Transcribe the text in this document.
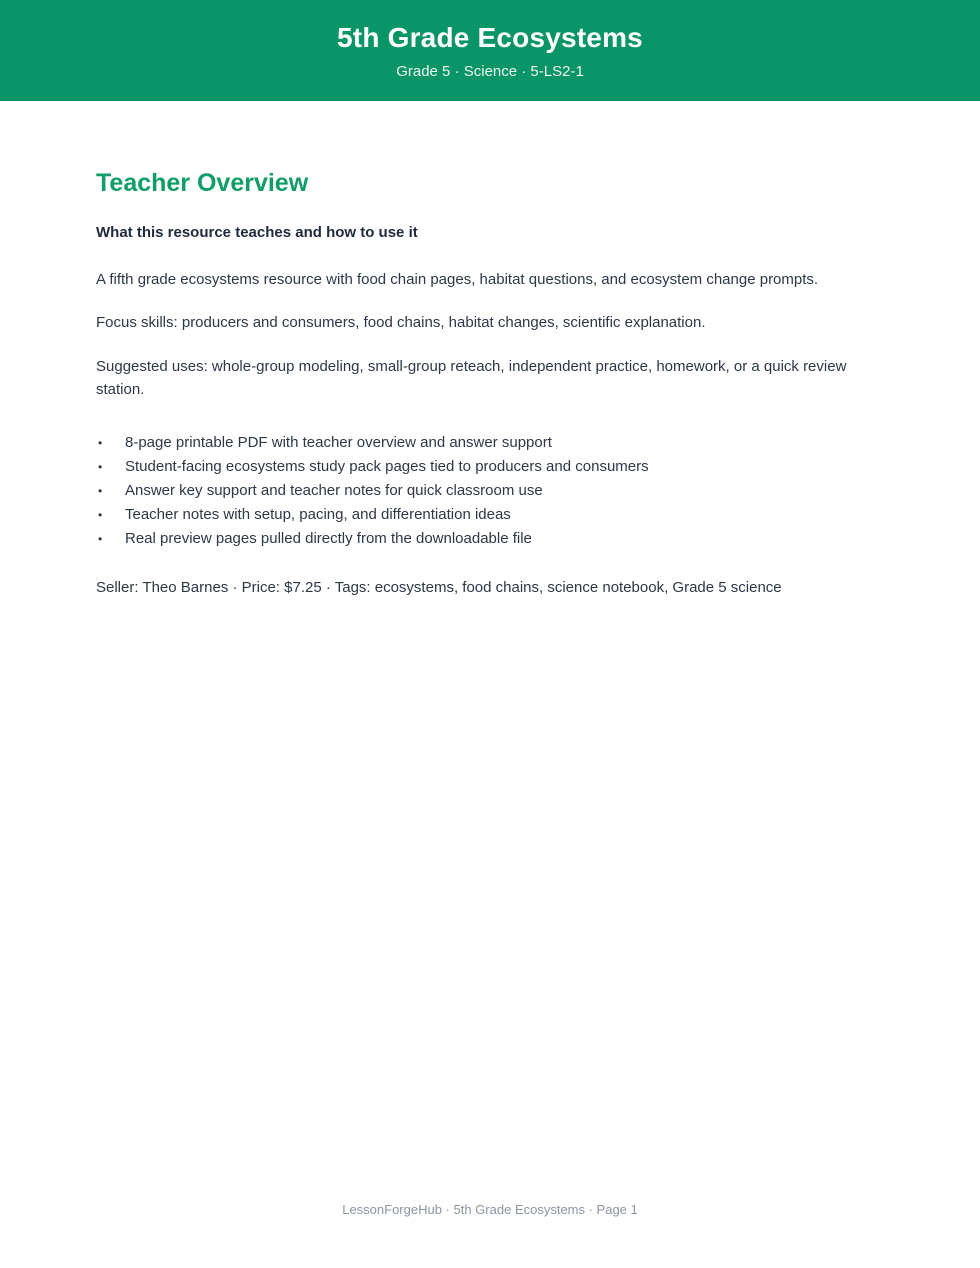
5th Grade Ecosystems
Grade 5 · Science · 5-LS2-1
Teacher Overview
What this resource teaches and how to use it

A fifth grade ecosystems resource with food chain pages, habitat questions, and ecosystem change prompts.

Focus skills: producers and consumers, food chains, habitat changes, scientific explanation.

Suggested uses: whole-group modeling, small-group reteach, independent practice, homework, or a quick review station.

• 8-page printable PDF with teacher overview and answer support
• Student-facing ecosystems study pack pages tied to producers and consumers
• Answer key support and teacher notes for quick classroom use
• Teacher notes with setup, pacing, and differentiation ideas
• Real preview pages pulled directly from the downloadable file

Seller: Theo Barnes · Price: $7.25 · Tags: ecosystems, food chains, science notebook, Grade 5 science

LessonForgeHub · 5th Grade Ecosystems · Page 1
